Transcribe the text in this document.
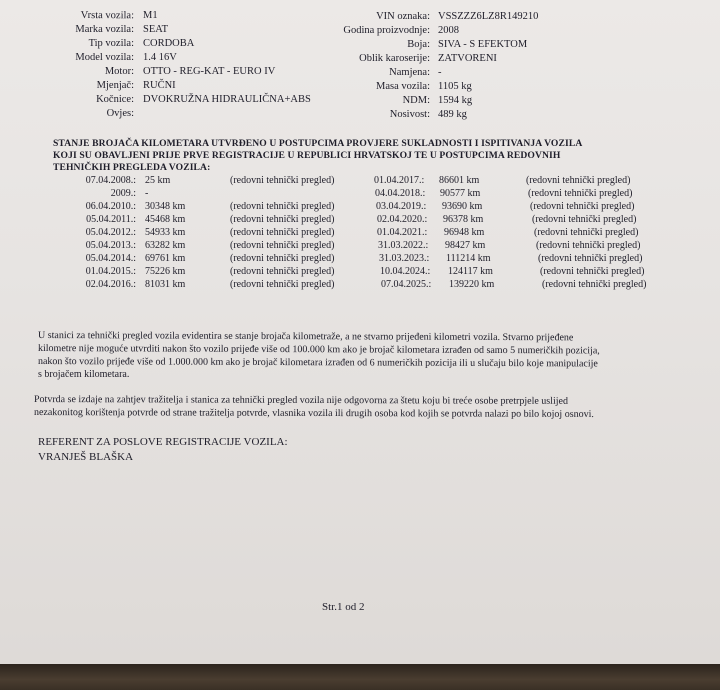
Vrsta vozila: M1
Marka vozila: SEAT
Tip vozila: CORDOBA
Model vozila: 1.4 16V
Motor: OTTO - REG-KAT - EURO IV
Mjenjač: RUČNI
Kočnice: DVOKRUŽNA HIDRAULIČNA+ABS
Ovjes:
VIN oznaka: VSSZZZ6LZ8R149210
Godina proizvodnje: 2008
Boja: SIVA - S EFEKTOM
Oblik karoserije: ZATVORENI
Namjena: -
Masa vozila: 1105 kg
NDM: 1594 kg
Nosivost: 489 kg
STANJE BROJAČA KILOMETARA UTVRĐENO U POSTUPCIMA PROVJERE SUKLADNOSTI I ISPITIVANJA VOZILA
KOJI SU OBAVLJENI PRIJE PRVE REGISTRACIJE U REPUBLICI HRVATSKOJ TE U POSTUPCIMA REDOVNIH
TEHNIČKIH PREGLEDA VOZILA:
07.04.2008.: 25 km	(redovni tehnički pregled)
2009.: -
06.04.2010.: 30348 km	(redovni tehnički pregled)
05.04.2011.: 45468 km	(redovni tehnički pregled)
05.04.2012.: 54933 km	(redovni tehnički pregled)
05.04.2013.: 63282 km	(redovni tehnički pregled)
05.04.2014.: 69761 km	(redovni tehnički pregled)
01.04.2015.: 75226 km	(redovni tehnički pregled)
02.04.2016.: 81031 km	(redovni tehnički pregled)
01.04.2017.: 86601 km	(redovni tehnički pregled)
04.04.2018.: 90577 km	(redovni tehnički pregled)
03.04.2019.: 93690 km	(redovni tehnički pregled)
02.04.2020.: 96378 km	(redovni tehnički pregled)
01.04.2021.: 96948 km	(redovni tehnički pregled)
31.03.2022.: 98427 km	(redovni tehnički pregled)
31.03.2023.: 111214 km	(redovni tehnički pregled)
10.04.2024.: 124117 km	(redovni tehnički pregled)
07.04.2025.: 139220 km	(redovni tehnički pregled)
U stanici za tehnički pregled vozila evidentira se stanje brojača kilometraže, a ne stvarno prijeđeni kilometri vozila. Stvarno prijeđene
kilometre nije moguće utvrditi nakon što vozilo prijeđe više od 100.000 km ako je brojač kilometara izrađen od samo 5 numeričkih pozicija,
nakon što vozilo prijeđe više od 1.000.000 km ako je brojač kilometara izrađen od 6 numeričkih pozicija ili u slučaju bilo koje manipulacije
s brojačem kilometara.
Potvrda se izdaje na zahtjev tražitelja i stanica za tehnički pregled vozila nije odgovorna za štetu koju bi treće osobe pretrpjele uslijed
nezakonitog korištenja potvrde od strane tražitelja potvrde, vlasnika vozila ili drugih osoba kod kojih se potvrda nalazi po bilo kojoj osnovi.
REFERENT ZA POSLOVE REGISTRACIJE VOZILA:
VRANJEŠ BLAŠKA
Str.1 od 2
